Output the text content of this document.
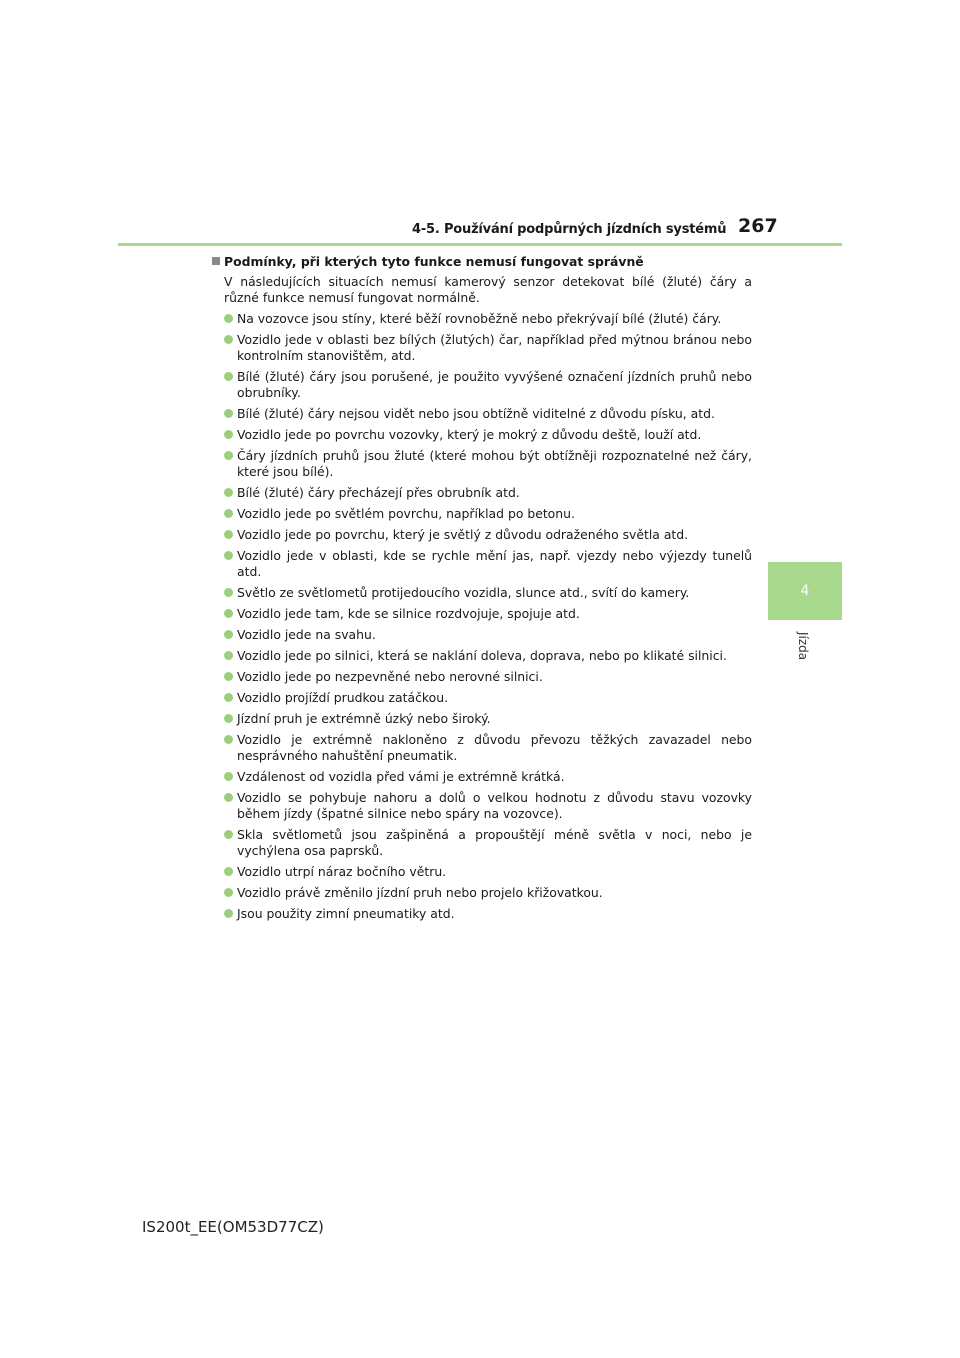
4-5. Používání podpůrných jízdních systémů 267
4
Jízda
Podmínky, při kterých tyto funkce nemusí fungovat správně
V následujících situacích nemusí kamerový senzor detekovat bílé (žluté) čáry a různé funkce nemusí fungovat normálně.
Na vozovce jsou stíny, které běží rovnoběžně nebo překrývají bílé (žluté) čáry.
Vozidlo jede v oblasti bez bílých (žlutých) čar, například před mýtnou bránou nebo kontrolním stanovištěm, atd.
Bílé (žluté) čáry jsou porušené, je použito vyvýšené označení jízdních pruhů nebo obrubníky.
Bílé (žluté) čáry nejsou vidět nebo jsou obtížně viditelné z důvodu písku, atd.
Vozidlo jede po povrchu vozovky, který je mokrý z důvodu deště, louží atd.
Čáry jízdních pruhů jsou žluté (které mohou být obtížněji rozpoznatelné než čáry, které jsou bílé).
Bílé (žluté) čáry přecházejí přes obrubník atd.
Vozidlo jede po světlém povrchu, například po betonu.
Vozidlo jede po povrchu, který je světlý z důvodu odraženého světla atd.
Vozidlo jede v oblasti, kde se rychle mění jas, např. vjezdy nebo výjezdy tunelů atd.
Světlo ze světlometů protijedoucího vozidla, slunce atd., svítí do kamery.
Vozidlo jede tam, kde se silnice rozdvojuje, spojuje atd.
Vozidlo jede na svahu.
Vozidlo jede po silnici, která se naklání doleva, doprava, nebo po klikaté silnici.
Vozidlo jede po nezpevněné nebo nerovné silnici.
Vozidlo projíždí prudkou zatáčkou.
Jízdní pruh je extrémně úzký nebo široký.
Vozidlo je extrémně nakloněno z důvodu převozu těžkých zavazadel nebo nesprávného nahuštění pneumatik.
Vzdálenost od vozidla před vámi je extrémně krátká.
Vozidlo se pohybuje nahoru a dolů o velkou hodnotu z důvodu stavu vozovky během jízdy (špatné silnice nebo spáry na vozovce).
Skla světlometů jsou zašpiněná a propouštějí méně světla v noci, nebo je vychýlena osa paprsků.
Vozidlo utrpí náraz bočního větru.
Vozidlo právě změnilo jízdní pruh nebo projelo křižovatkou.
Jsou použity zimní pneumatiky atd.
IS200t_EE(OM53D77CZ)
